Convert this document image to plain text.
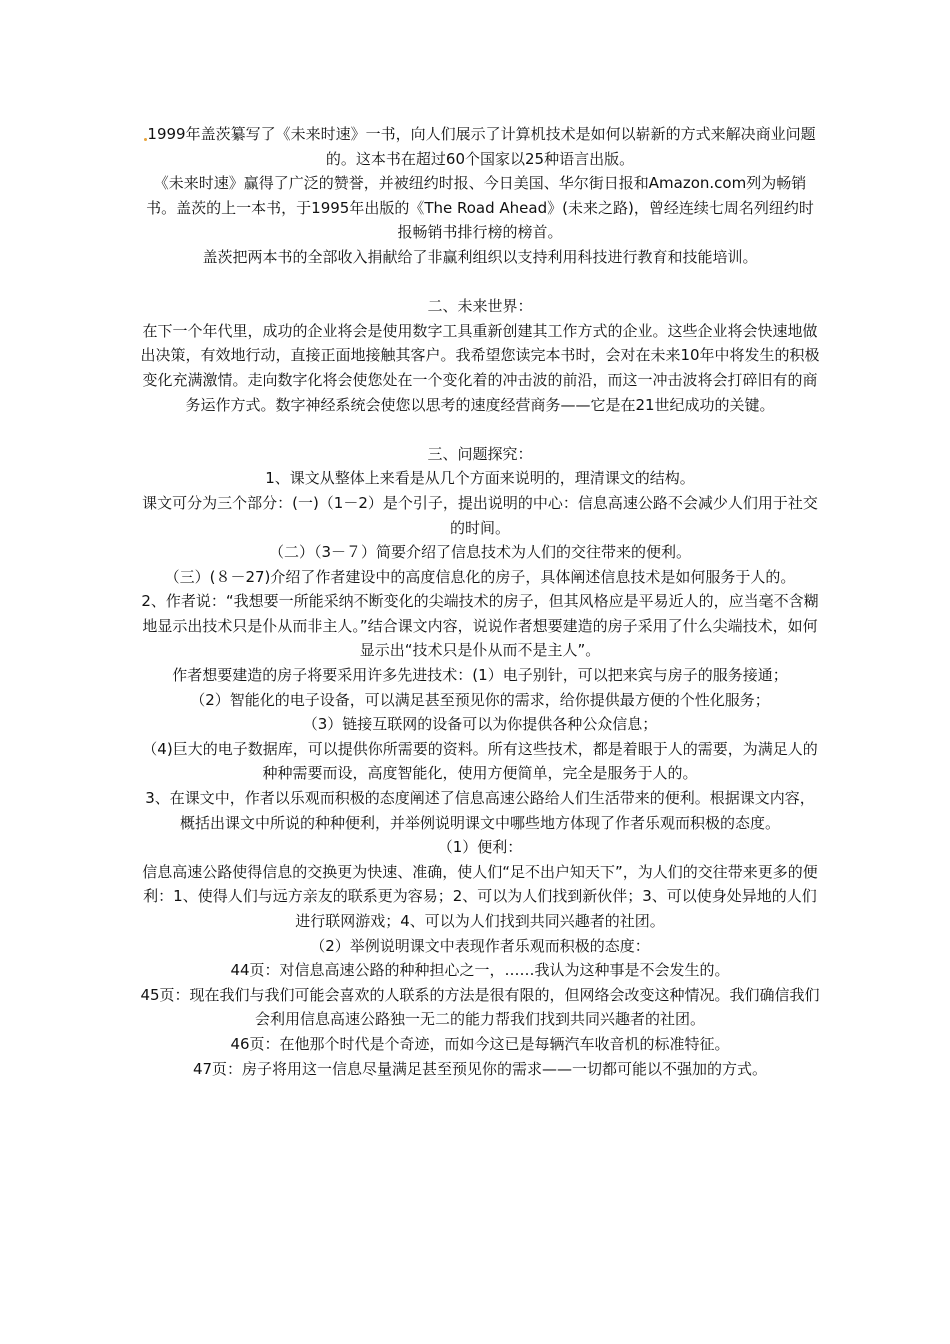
1999年盖茨纂写了《未来时速》一书，向人们展示了计算机技术是如何以崭新的方式来解决商业问题的。这本书在超过60个国家以25种语言出版。

《未来时速》赢得了广泛的赞誉，并被纽约时报、今日美国、华尔街日报和Amazon.com列为畅销书。盖茨的上一本书，于1995年出版的《The Road Ahead》(未来之路)，曾经连续七周名列纽约时报畅销书排行榜的榜首。

盖茨把两本书的全部收入捐献给了非赢利组织以支持利用科技进行教育和技能培训。

二、未来世界：

在下一个年代里，成功的企业将会是使用数字工具重新创建其工作方式的企业。这些企业将会快速地做出决策，有效地行动，直接正面地接触其客户。我希望您读完本书时，会对在未来10年中将发生的积极变化充满激情。走向数字化将会使您处在一个变化着的冲击波的前沿，而这一冲击波将会打碎旧有的商务运作方式。数字神经系统会使您以思考的速度经营商务——它是在21世纪成功的关键。

三、问题探究：

1、课文从整体上来看是从几个方面来说明的，理清课文的结构。

课文可分为三个部分：(一)（1－2）是个引子，提出说明的中心：信息高速公路不会减少人们用于社交的时间。

（二）（3－７）简要介绍了信息技术为人们的交往带来的便利。

（三）(８－27)介绍了作者建设中的高度信息化的房子，具体阐述信息技术是如何服务于人的。

2、作者说：“我想要一所能采纳不断变化的尖端技术的房子，但其风格应是平易近人的，应当毫不含糊地显示出技术只是仆从而非主人。”结合课文内容，说说作者想要建造的房子采用了什么尖端技术，如何显示出“技术只是仆从而不是主人”。

作者想要建造的房子将要采用许多先进技术：(1）电子别针，可以把来宾与房子的服务接通；

（2）智能化的电子设备，可以满足甚至预见你的需求，给你提供最方便的个性化服务；

（3）链接互联网的设备可以为你提供各种公众信息；

（4)巨大的电子数据库，可以提供你所需要的资料。所有这些技术，都是着眼于人的需要，为满足人的种种需要而设，高度智能化，使用方便简单，完全是服务于人的。

3、在课文中，作者以乐观而积极的态度阐述了信息高速公路给人们生活带来的便利。根据课文内容，概括出课文中所说的种种便利，并举例说明课文中哪些地方体现了作者乐观而积极的态度。

（1）便利：

信息高速公路使得信息的交换更为快速、准确，使人们“足不出户知天下”，为人们的交往带来更多的便利：1、使得人们与远方亲友的联系更为容易；2、可以为人们找到新伙伴；3、可以使身处异地的人们进行联网游戏；4、可以为人们找到共同兴趣者的社团。

（2）举例说明课文中表现作者乐观而积极的态度：

44页：对信息高速公路的种种担心之一，……我认为这种事是不会发生的。

45页：现在我们与我们可能会喜欢的人联系的方法是很有限的，但网络会改变这种情况。我们确信我们会利用信息高速公路独一无二的能力帮我们找到共同兴趣者的社团。

46页：在他那个时代是个奇迹，而如今这已是每辆汽车收音机的标准特征。

47页：房子将用这一信息尽量满足甚至预见你的需求——一切都可能以不强加的方式。
